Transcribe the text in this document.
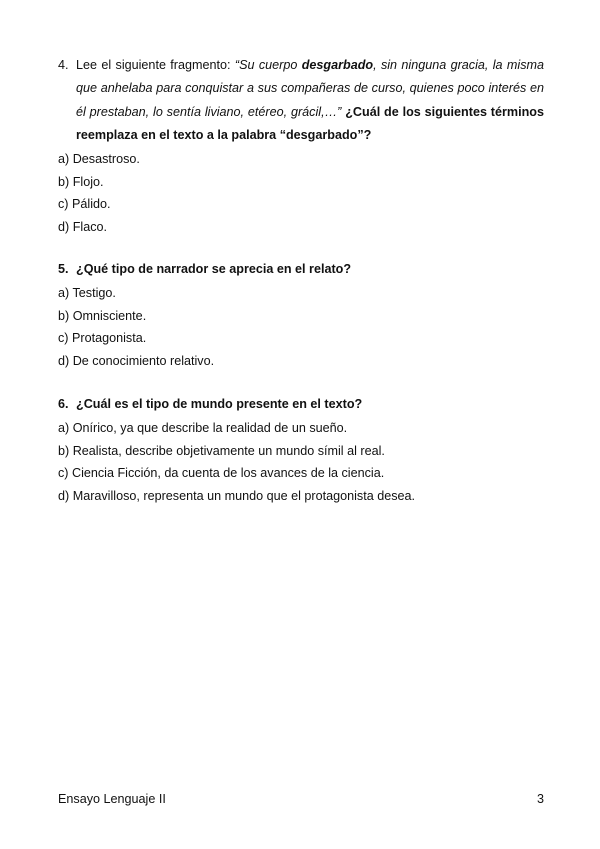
4. Lee el siguiente fragmento: “Su cuerpo desgarbado, sin ninguna gracia, la misma que anhelaba para conquistar a sus compañeras de curso, quienes poco interés en él prestaban, lo sentía liviano, etéreo, grácil,…” ¿Cuál de los siguientes términos reemplaza en el texto a la palabra “desgarbado”?

a) Desastroso.
b) Flojo.
c) Pálido.
d) Flaco.
5. ¿Qué tipo de narrador se aprecia en el relato?

a) Testigo.
b) Omnisciente.
c) Protagonista.
d) De conocimiento relativo.
6. ¿Cuál es el tipo de mundo presente en el texto?

a) Onírico, ya que describe la realidad de un sueño.
b) Realista, describe objetivamente un mundo símil al real.
c) Ciencia Ficción, da cuenta de los avances de la ciencia.
d) Maravilloso, representa un mundo que el protagonista desea.
Ensayo Lenguaje II	3
